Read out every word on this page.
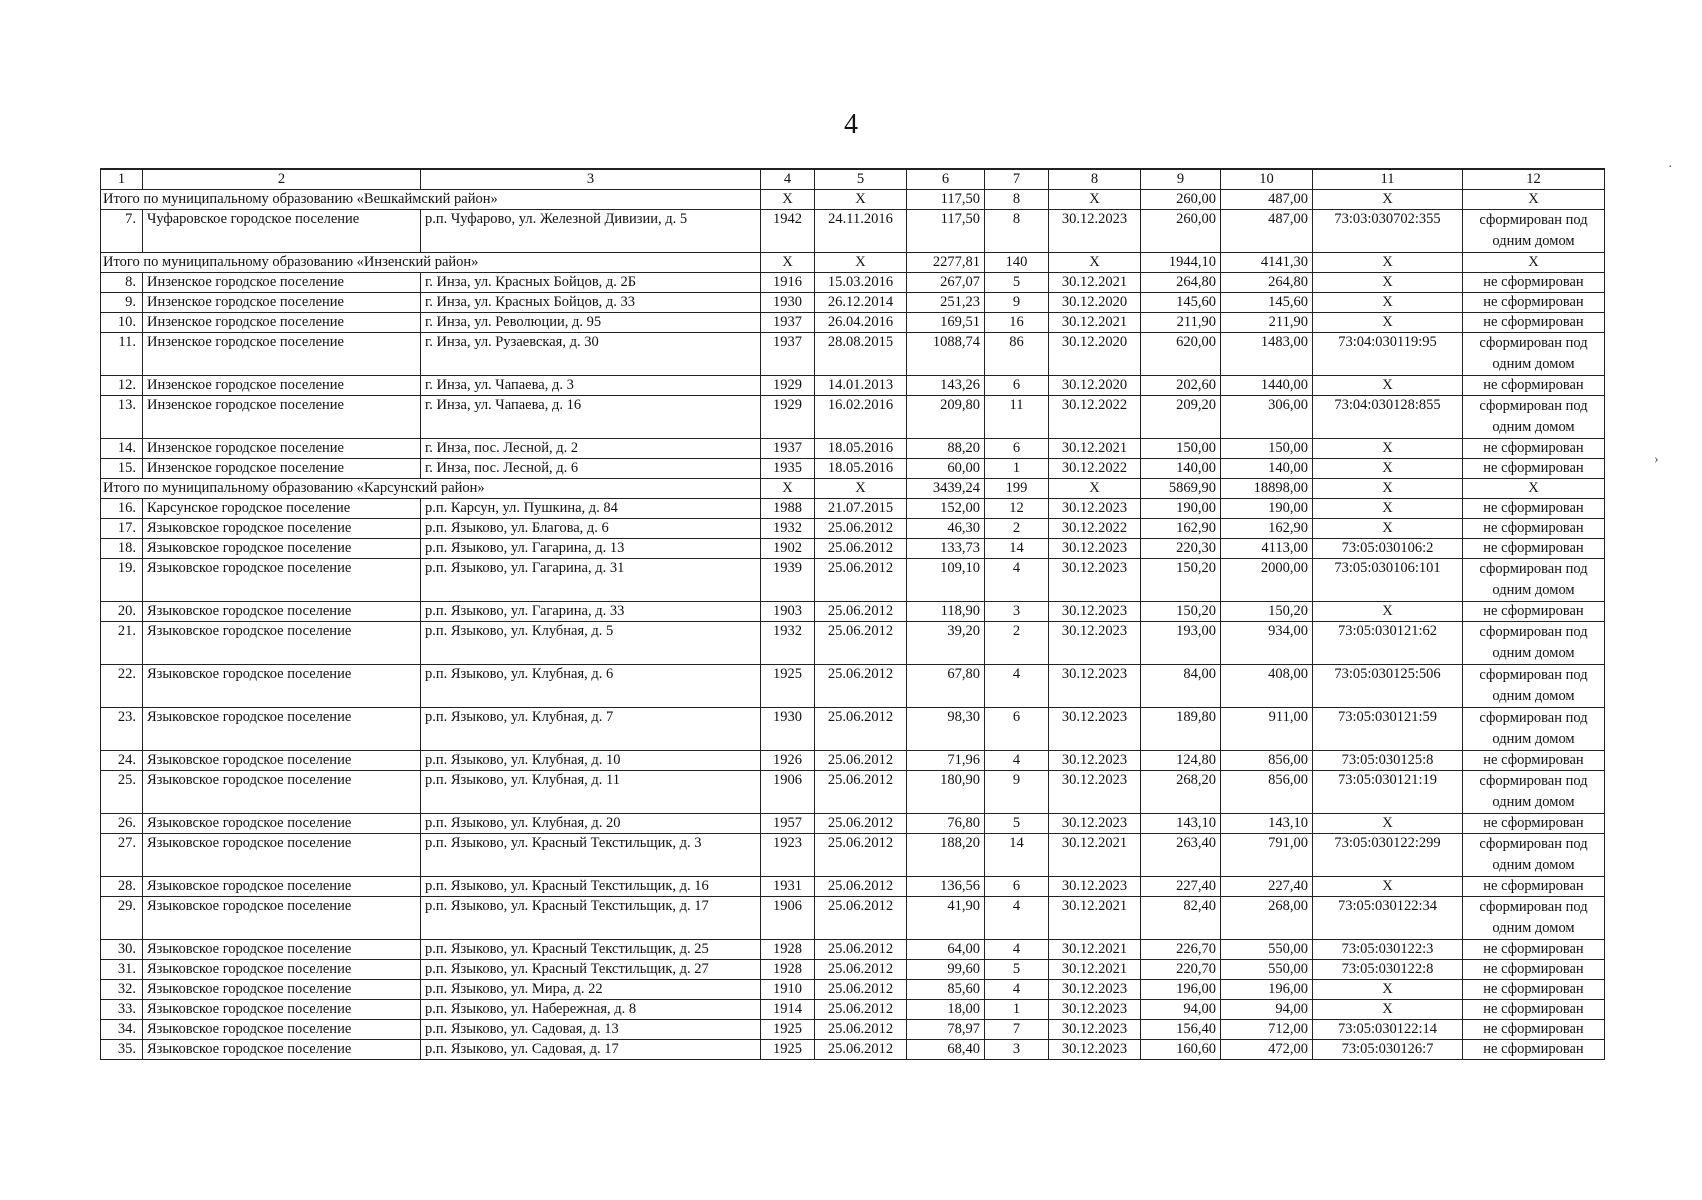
4
1	2	3	4	5	6	7	8	9	10	11	12
Итого по муниципальному образованию «Вешкаймский район»			X	X	117,50	8	X	260,00	487,00	X	X
7.	Чуфаровское городское поселение	р.п. Чуфарово, ул. Железной Дивизии, д. 5	1942	24.11.2016	117,50	8	30.12.2023	260,00	487,00	73:03:030702:355	сформирован под одним домом
Итого по муниципальному образованию «Инзенский район»			X	X	2277,81	140	X	1944,10	4141,30	X	X
8.	Инзенское городское поселение	г. Инза, ул. Красных Бойцов, д. 2Б	1916	15.03.2016	267,07	5	30.12.2021	264,80	264,80	X	не сформирован
9.	Инзенское городское поселение	г. Инза, ул. Красных Бойцов, д. 33	1930	26.12.2014	251,23	9	30.12.2020	145,60	145,60	X	не сформирован
10.	Инзенское городское поселение	г. Инза, ул. Революции, д. 95	1937	26.04.2016	169,51	16	30.12.2021	211,90	211,90	X	не сформирован
11.	Инзенское городское поселение	г. Инза, ул. Рузаевская, д. 30	1937	28.08.2015	1088,74	86	30.12.2020	620,00	1483,00	73:04:030119:95	сформирован под одним домом
12.	Инзенское городское поселение	г. Инза, ул. Чапаева, д. 3	1929	14.01.2013	143,26	6	30.12.2020	202,60	1440,00	X	не сформирован
13.	Инзенское городское поселение	г. Инза, ул. Чапаева, д. 16	1929	16.02.2016	209,80	11	30.12.2022	209,20	306,00	73:04:030128:855	сформирован под одним домом
14.	Инзенское городское поселение	г. Инза, пос. Лесной, д. 2	1937	18.05.2016	88,20	6	30.12.2021	150,00	150,00	X	не сформирован
15.	Инзенское городское поселение	г. Инза, пос. Лесной, д. 6	1935	18.05.2016	60,00	1	30.12.2022	140,00	140,00	X	не сформирован
Итого по муниципальному образованию «Карсунский район»			X	X	3439,24	199	X	5869,90	18898,00	X	X
16.	Карсунское городское поселение	р.п. Карсун, ул. Пушкина, д. 84	1988	21.07.2015	152,00	12	30.12.2023	190,00	190,00	X	не сформирован
17.	Языковское городское поселение	р.п. Языково, ул. Благова, д. 6	1932	25.06.2012	46,30	2	30.12.2022	162,90	162,90	X	не сформирован
18.	Языковское городское поселение	р.п. Языково, ул. Гагарина, д. 13	1902	25.06.2012	133,73	14	30.12.2023	220,30	4113,00	73:05:030106:2	не сформирован
19.	Языковское городское поселение	р.п. Языково, ул. Гагарина, д. 31	1939	25.06.2012	109,10	4	30.12.2023	150,20	2000,00	73:05:030106:101	сформирован под одним домом
20.	Языковское городское поселение	р.п. Языково, ул. Гагарина, д. 33	1903	25.06.2012	118,90	3	30.12.2023	150,20	150,20	X	не сформирован
21.	Языковское городское поселение	р.п. Языково, ул. Клубная, д. 5	1932	25.06.2012	39,20	2	30.12.2023	193,00	934,00	73:05:030121:62	сформирован под одним домом
22.	Языковское городское поселение	р.п. Языково, ул. Клубная, д. 6	1925	25.06.2012	67,80	4	30.12.2023	84,00	408,00	73:05:030125:506	сформирован под одним домом
23.	Языковское городское поселение	р.п. Языково, ул. Клубная, д. 7	1930	25.06.2012	98,30	6	30.12.2023	189,80	911,00	73:05:030121:59	сформирован под одним домом
24.	Языковское городское поселение	р.п. Языково, ул. Клубная, д. 10	1926	25.06.2012	71,96	4	30.12.2023	124,80	856,00	73:05:030125:8	не сформирован
25.	Языковское городское поселение	р.п. Языково, ул. Клубная, д. 11	1906	25.06.2012	180,90	9	30.12.2023	268,20	856,00	73:05:030121:19	сформирован под одним домом
26.	Языковское городское поселение	р.п. Языково, ул. Клубная, д. 20	1957	25.06.2012	76,80	5	30.12.2023	143,10	143,10	X	не сформирован
27.	Языковское городское поселение	р.п. Языково, ул. Красный Текстильщик, д. 3	1923	25.06.2012	188,20	14	30.12.2021	263,40	791,00	73:05:030122:299	сформирован под одним домом
28.	Языковское городское поселение	р.п. Языково, ул. Красный Текстильщик, д. 16	1931	25.06.2012	136,56	6	30.12.2023	227,40	227,40	X	не сформирован
29.	Языковское городское поселение	р.п. Языково, ул. Красный Текстильщик, д. 17	1906	25.06.2012	41,90	4	30.12.2021	82,40	268,00	73:05:030122:34	сформирован под одним домом
30.	Языковское городское поселение	р.п. Языково, ул. Красный Текстильщик, д. 25	1928	25.06.2012	64,00	4	30.12.2021	226,70	550,00	73:05:030122:3	не сформирован
31.	Языковское городское поселение	р.п. Языково, ул. Красный Текстильщик, д. 27	1928	25.06.2012	99,60	5	30.12.2021	220,70	550,00	73:05:030122:8	не сформирован
32.	Языковское городское поселение	р.п. Языково, ул. Мира, д. 22	1910	25.06.2012	85,60	4	30.12.2023	196,00	196,00	X	не сформирован
33.	Языковское городское поселение	р.п. Языково, ул. Набережная, д. 8	1914	25.06.2012	18,00	1	30.12.2023	94,00	94,00	X	не сформирован
34.	Языковское городское поселение	р.п. Языково, ул. Садовая, д. 13	1925	25.06.2012	78,97	7	30.12.2023	156,40	712,00	73:05:030122:14	не сформирован
35.	Языковское городское поселение	р.п. Языково, ул. Садовая, д. 17	1925	25.06.2012	68,40	3	30.12.2023	160,60	472,00	73:05:030126:7	не сформирован
·
›
